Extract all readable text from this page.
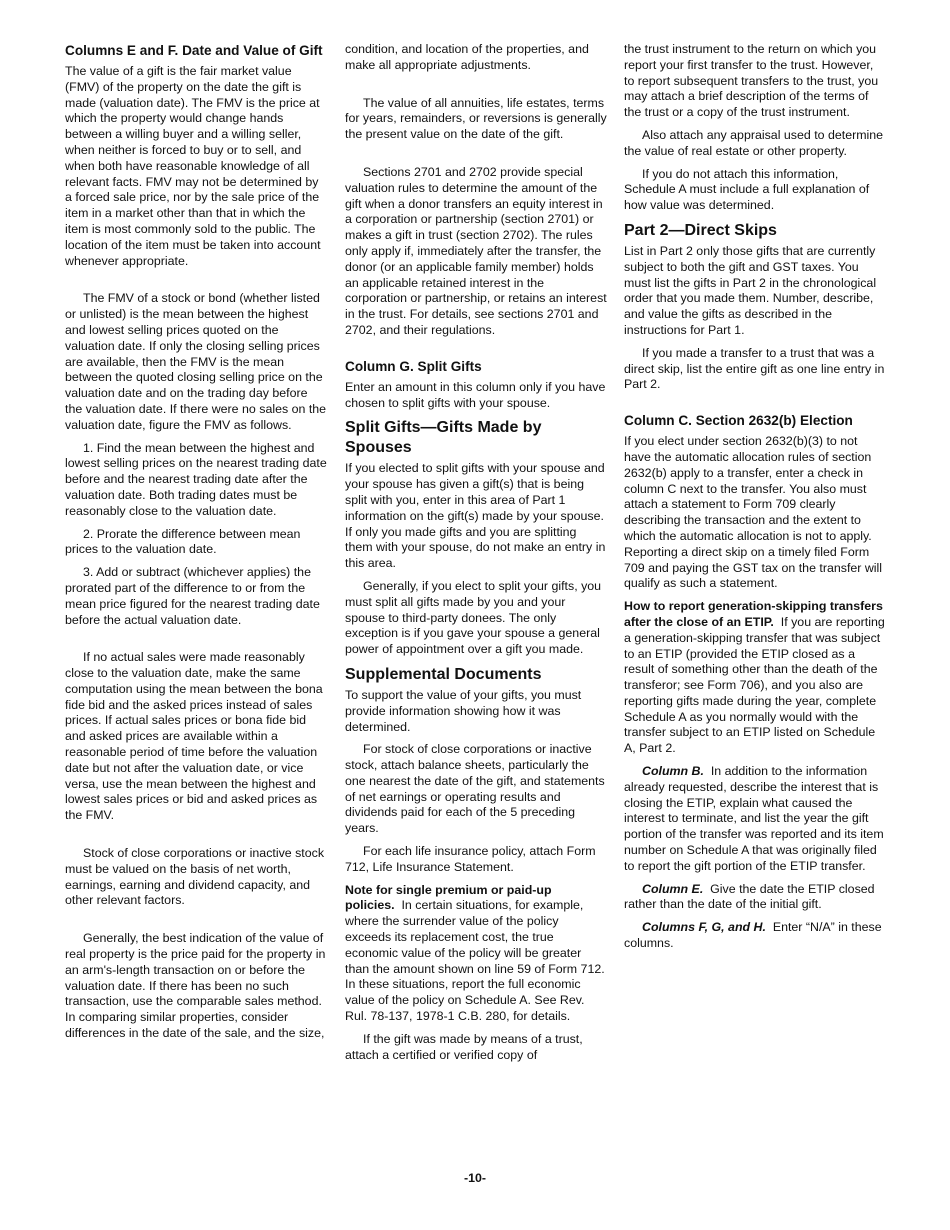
Columns E and F. Date and Value of Gift

The value of a gift is the fair market value (FMV) of the property on the date the gift is made (valuation date). The FMV is the price at which the property would change hands between a willing buyer and a willing seller, when neither is forced to buy or to sell, and when both have reasonable knowledge of all relevant facts. FMV may not be determined by a forced sale price, nor by the sale price of the item in a market other than that in which the item is most commonly sold to the public. The location of the item must be taken into account whenever appropriate.

The FMV of a stock or bond (whether listed or unlisted) is the mean between the highest and lowest selling prices quoted on the valuation date. If only the closing selling prices are available, then the FMV is the mean between the quoted closing selling price on the valuation date and on the trading day before the valuation date. If there were no sales on the valuation date, figure the FMV as follows.

1. Find the mean between the highest and lowest selling prices on the nearest trading date before and the nearest trading date after the valuation date. Both trading dates must be reasonably close to the valuation date.

2. Prorate the difference between mean prices to the valuation date.

3. Add or subtract (whichever applies) the prorated part of the difference to or from the mean price figured for the nearest trading date before the actual valuation date.

If no actual sales were made reasonably close to the valuation date, make the same computation using the mean between the bona fide bid and the asked prices instead of sales prices. If actual sales prices or bona fide bid and asked prices are available within a reasonable period of time before the valuation date but not after the valuation date, or vice versa, use the mean between the highest and lowest sales prices or bid and asked prices as the FMV.

Stock of close corporations or inactive stock must be valued on the basis of net worth, earnings, earning and dividend capacity, and other relevant factors.

Generally, the best indication of the value of real property is the price paid for the property in an arm's-length transaction on or before the valuation date. If there has been no such transaction, use the comparable sales method. In comparing similar properties, consider differences in the date of the sale, and the size,

condition, and location of the properties, and make all appropriate adjustments.

The value of all annuities, life estates, terms for years, remainders, or reversions is generally the present value on the date of the gift.

Sections 2701 and 2702 provide special valuation rules to determine the amount of the gift when a donor transfers an equity interest in a corporation or partnership (section 2701) or makes a gift in trust (section 2702). The rules only apply if, immediately after the transfer, the donor (or an applicable family member) holds an applicable retained interest in the corporation or partnership, or retains an interest in the trust. For details, see sections 2701 and 2702, and their regulations.

Column G. Split Gifts

Enter an amount in this column only if you have chosen to split gifts with your spouse.

Split Gifts—Gifts Made by Spouses

If you elected to split gifts with your spouse and your spouse has given a gift(s) that is being split with you, enter in this area of Part 1 information on the gift(s) made by your spouse. If only you made gifts and you are splitting them with your spouse, do not make an entry in this area.

Generally, if you elect to split your gifts, you must split all gifts made by you and your spouse to third-party donees. The only exception is if you gave your spouse a general power of appointment over a gift you made.

Supplemental Documents

To support the value of your gifts, you must provide information showing how it was determined.

For stock of close corporations or inactive stock, attach balance sheets, particularly the one nearest the date of the gift, and statements of net earnings or operating results and dividends paid for each of the 5 preceding years.

For each life insurance policy, attach Form 712, Life Insurance Statement.

Note for single premium or paid-up policies. In certain situations, for example, where the surrender value of the policy exceeds its replacement cost, the true economic value of the policy will be greater than the amount shown on line 59 of Form 712. In these situations, report the full economic value of the policy on Schedule A. See Rev. Rul. 78-137, 1978-1 C.B. 280, for details.

If the gift was made by means of a trust, attach a certified or verified copy of

the trust instrument to the return on which you report your first transfer to the trust. However, to report subsequent transfers to the trust, you may attach a brief description of the terms of the trust or a copy of the trust instrument.

Also attach any appraisal used to determine the value of real estate or other property.

If you do not attach this information, Schedule A must include a full explanation of how value was determined.

Part 2—Direct Skips

List in Part 2 only those gifts that are currently subject to both the gift and GST taxes. You must list the gifts in Part 2 in the chronological order that you made them. Number, describe, and value the gifts as described in the instructions for Part 1.

If you made a transfer to a trust that was a direct skip, list the entire gift as one line entry in Part 2.

Column C. Section 2632(b) Election

If you elect under section 2632(b)(3) to not have the automatic allocation rules of section 2632(b) apply to a transfer, enter a check in column C next to the transfer. You also must attach a statement to Form 709 clearly describing the transaction and the extent to which the automatic allocation is not to apply. Reporting a direct skip on a timely filed Form 709 and paying the GST tax on the transfer will qualify as such a statement.

How to report generation-skipping transfers after the close of an ETIP. If you are reporting a generation-skipping transfer that was subject to an ETIP (provided the ETIP closed as a result of something other than the death of the transferor; see Form 706), and you also are reporting gifts made during the year, complete Schedule A as you normally would with the transfer subject to an ETIP listed on Schedule A, Part 2.

Column B. In addition to the information already requested, describe the interest that is closing the ETIP, explain what caused the interest to terminate, and list the year the gift portion of the transfer was reported and its item number on Schedule A that was originally filed to report the gift portion of the ETIP transfer.

Column E. Give the date the ETIP closed rather than the date of the initial gift.

Columns F, G, and H. Enter “N/A” in these columns.

-10-
